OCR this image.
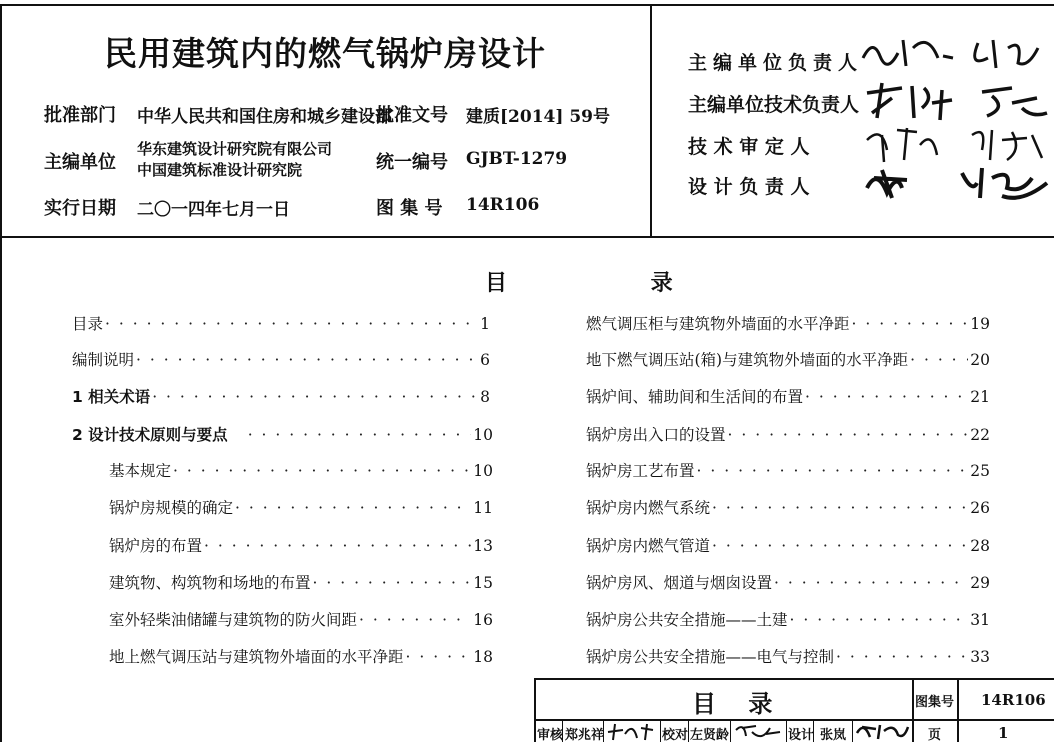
民用建筑内的燃气锅炉房设计
批准部门 中华人民共和国住房和城乡建设部
批准文号 建质[2014] 59号
主编单位
华东建筑设计研究院有限公司
中国建筑标准设计研究院	统一编号 GJBT-1279
实行日期 二〇一四年七月一日	图 集 号 14R106
主编单位负责人
主编单位技术负责人
技 术 审 定 人
设 计 负 责 人
目 录
目录 · · ·	1
编制说明 · · ·	6
1 相关术语 · · ·	8
2 设计技术原则与要点 · · ·	10
基本规定 · · ·	10
锅炉房规模的确定 · · ·	11
锅炉房的布置 · · ·	13
建筑物、构筑物和场地的布置 · · ·	15
室外轻柴油储罐与建筑物的防火间距 · · ·	16
地上燃气调压站与建筑物外墙面的水平净距 · · ·	18
燃气调压柜与建筑物外墙面的水平净距 · · ·	19
地下燃气调压站(箱)与建筑物外墙面的水平净距 · · ·	20
锅炉间、辅助间和生活间的布置 · · ·	21
锅炉房出入口的设置 · · ·	22
锅炉房工艺布置 · · ·	25
锅炉房内燃气系统 · · ·	26
锅炉房内燃气管道 · · ·	28
锅炉房风、烟道与烟囱设置 · · ·	29
锅炉房公共安全措施——土建 · · ·	31
锅炉房公共安全措施——电气与控制 · · ·	33
目 录	图集号 14R106
审核 郑兆祥	校对 左贤龄	设计 张岚	页	1
